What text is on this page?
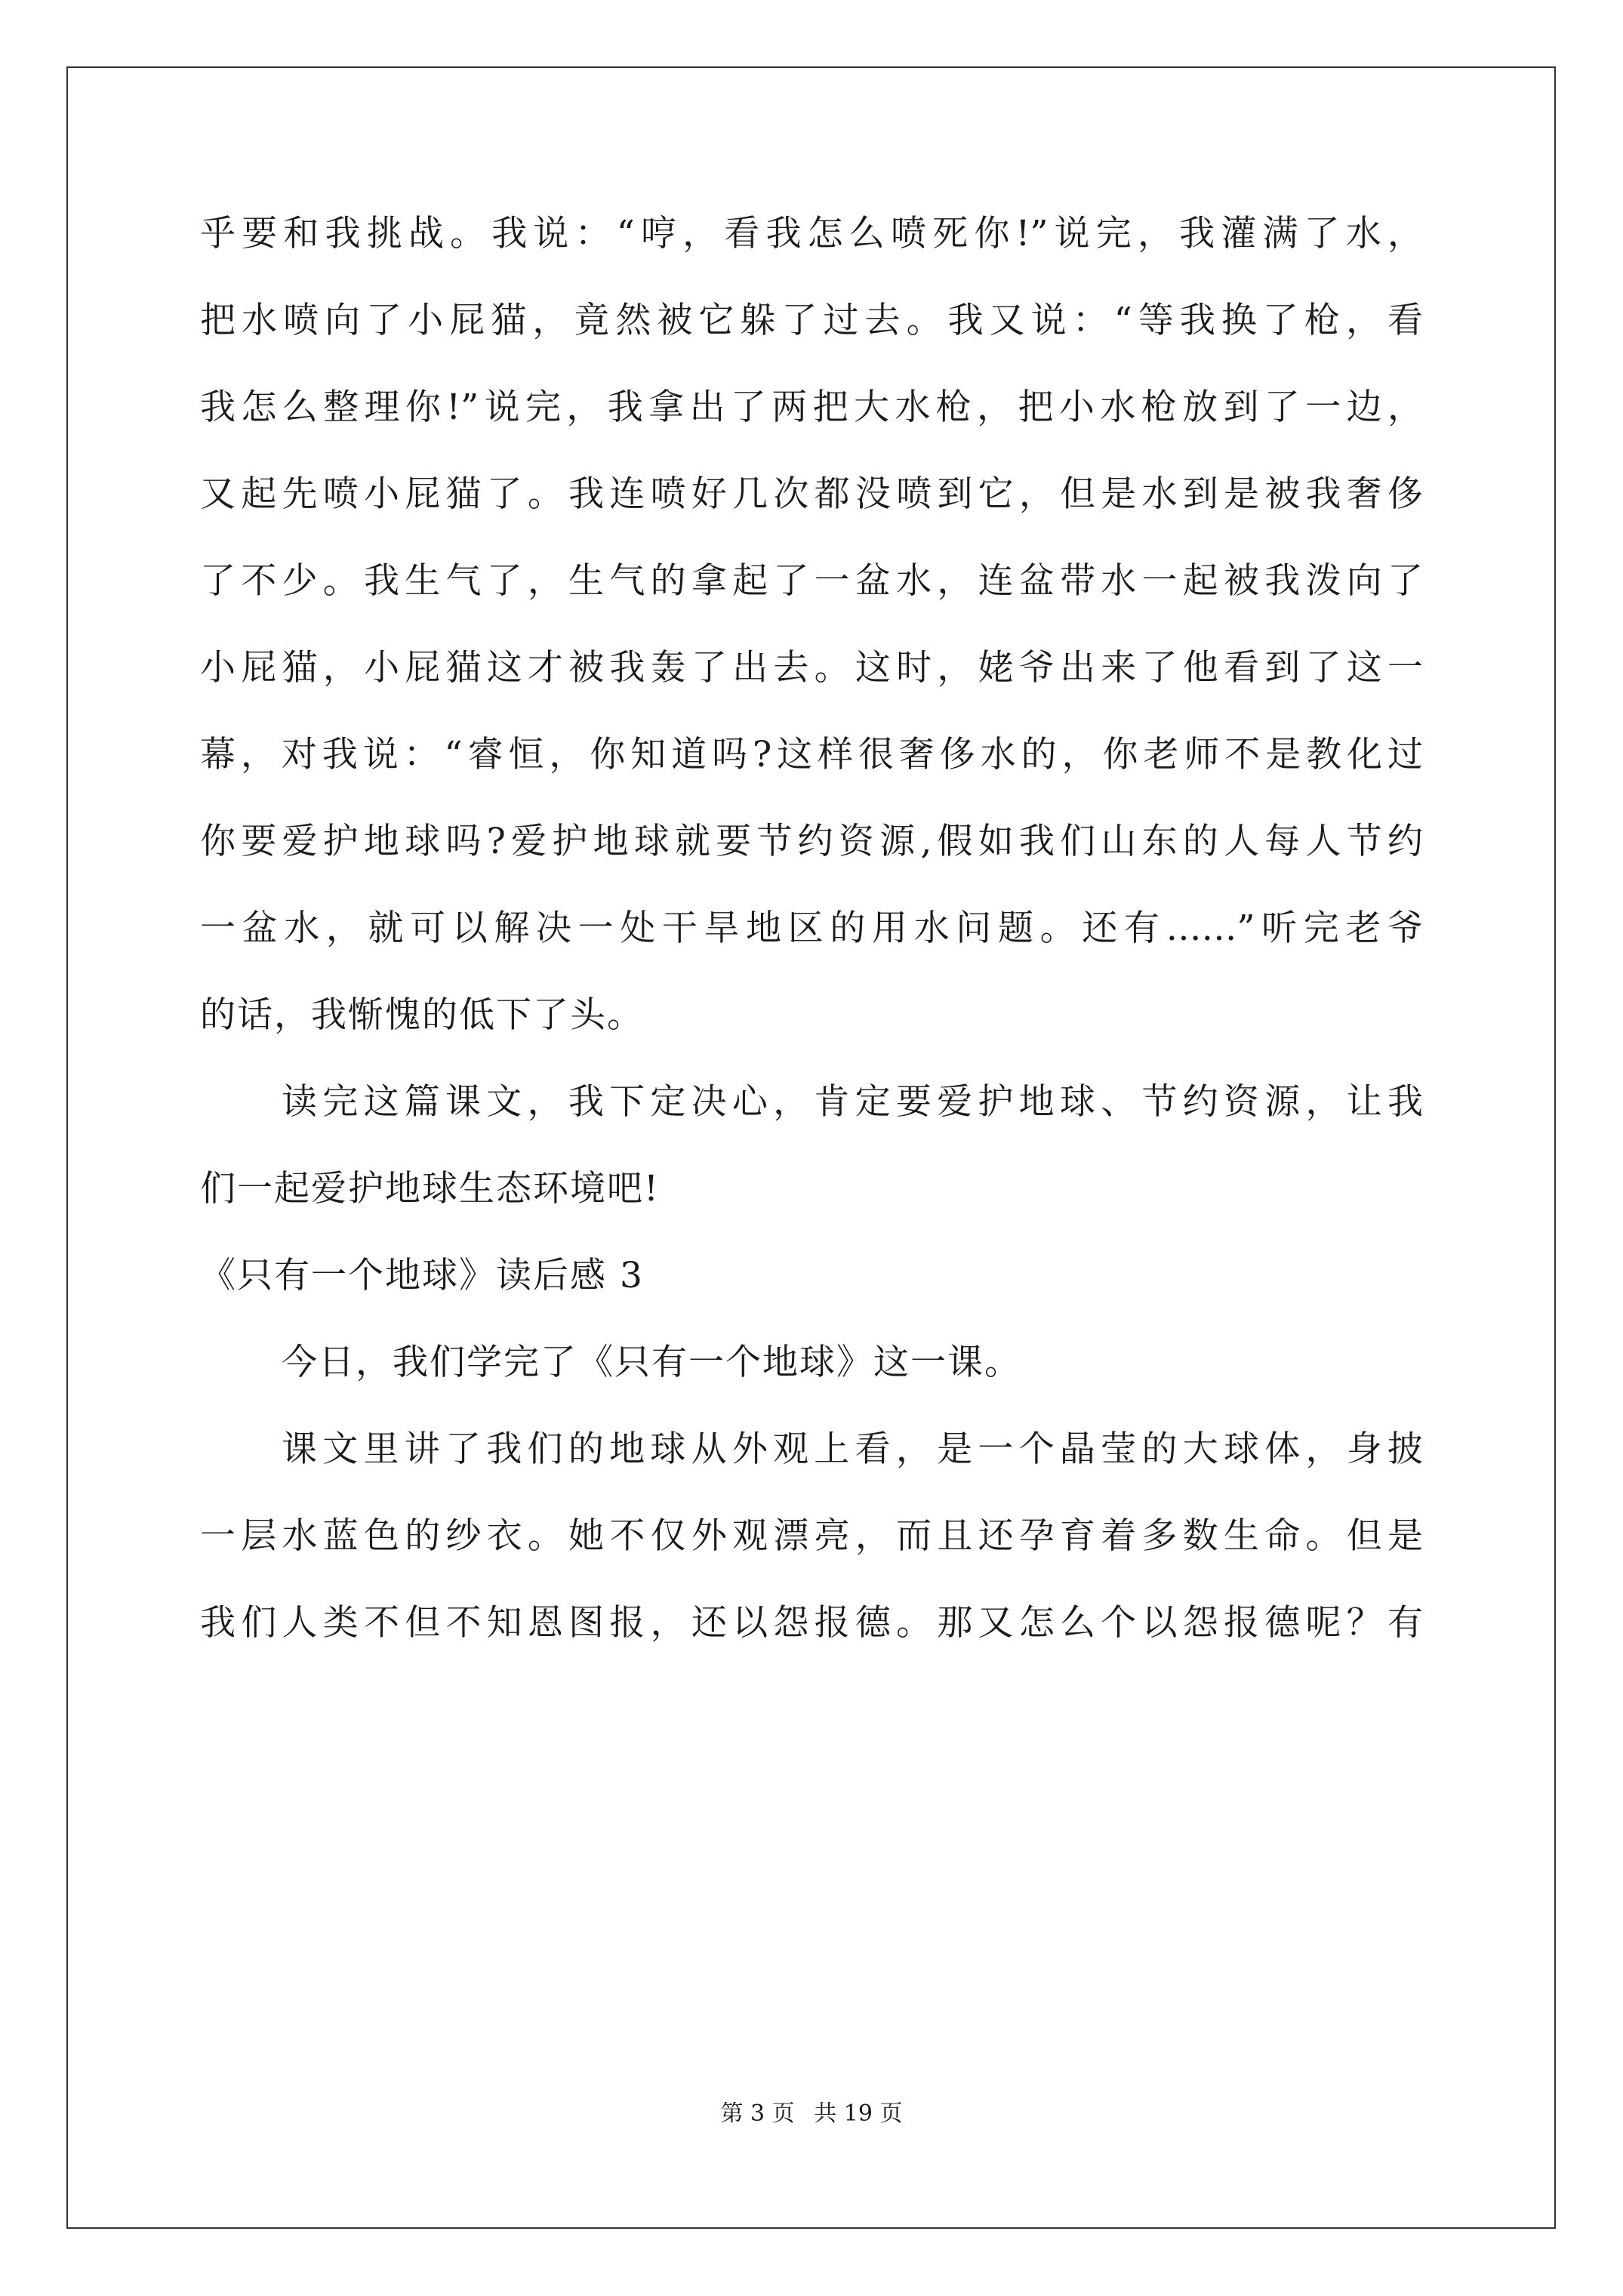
乎要和我挑战。我说：“哼，看我怎么喷死你!”说完，我灌满了水，
把水喷向了小屁猫，竟然被它躲了过去。我又说：“等我换了枪，看
我怎么整理你!”说完，我拿出了两把大水枪，把小水枪放到了一边，
又起先喷小屁猫了。我连喷好几次都没喷到它，但是水到是被我奢侈
了不少。我生气了，生气的拿起了一盆水，连盆带水一起被我泼向了
小屁猫，小屁猫这才被我轰了出去。这时，姥爷出来了他看到了这一
幕，对我说：“睿恒，你知道吗?这样很奢侈水的，你老师不是教化过
你要爱护地球吗?爱护地球就要节约资源,假如我们山东的人每人节约
一盆水，就可以解决一处干旱地区的用水问题。还有……”听完老爷
的话，我惭愧的低下了头。
读完这篇课文，我下定决心，肯定要爱护地球、节约资源，让我
们一起爱护地球生态环境吧!
《只有一个地球》读后感 3
今日，我们学完了《只有一个地球》这一课。
课文里讲了我们的地球从外观上看，是一个晶莹的大球体，身披
一层水蓝色的纱衣。她不仅外观漂亮，而且还孕育着多数生命。但是
我们人类不但不知恩图报，还以怨报德。那又怎么个以怨报德呢？有
第 3 页 共 19 页
